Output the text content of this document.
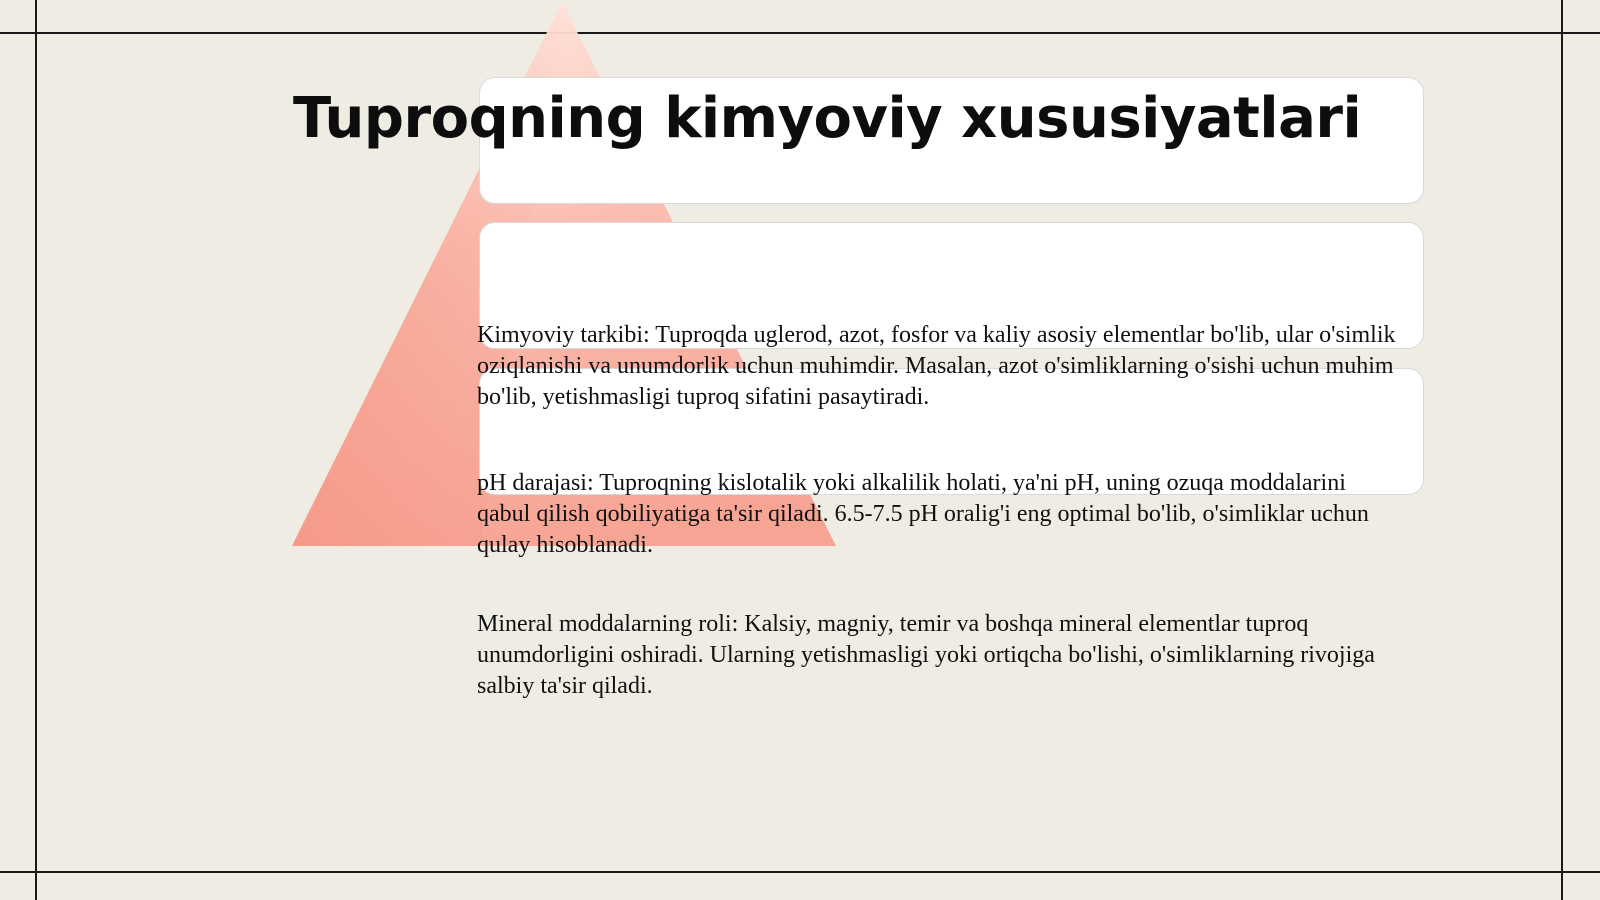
Tuproqning kimyoviy xususiyatlari

Kimyoviy tarkibi: Tuproqda uglerod, azot, fosfor va kaliy asosiy elementlar bo'lib, ular o'simlik oziqlanishi va unumdorlik uchun muhimdir. Masalan, azot o'simliklarning o'sishi uchun muhim bo'lib, yetishmasligi tuproq sifatini pasaytiradi.

pH darajasi: Tuproqning kislotalik yoki alkalilik holati, ya'ni pH, uning ozuqa moddalarini qabul qilish qobiliyatiga ta'sir qiladi. 6.5-7.5 pH oralig'i eng optimal bo'lib, o'simliklar uchun qulay hisoblanadi.

Mineral moddalarning roli: Kalsiy, magniy, temir va boshqa mineral elementlar tuproq unumdorligini oshiradi. Ularning yetishmasligi yoki ortiqcha bo'lishi, o'simliklarning rivojiga salbiy ta'sir qiladi.
